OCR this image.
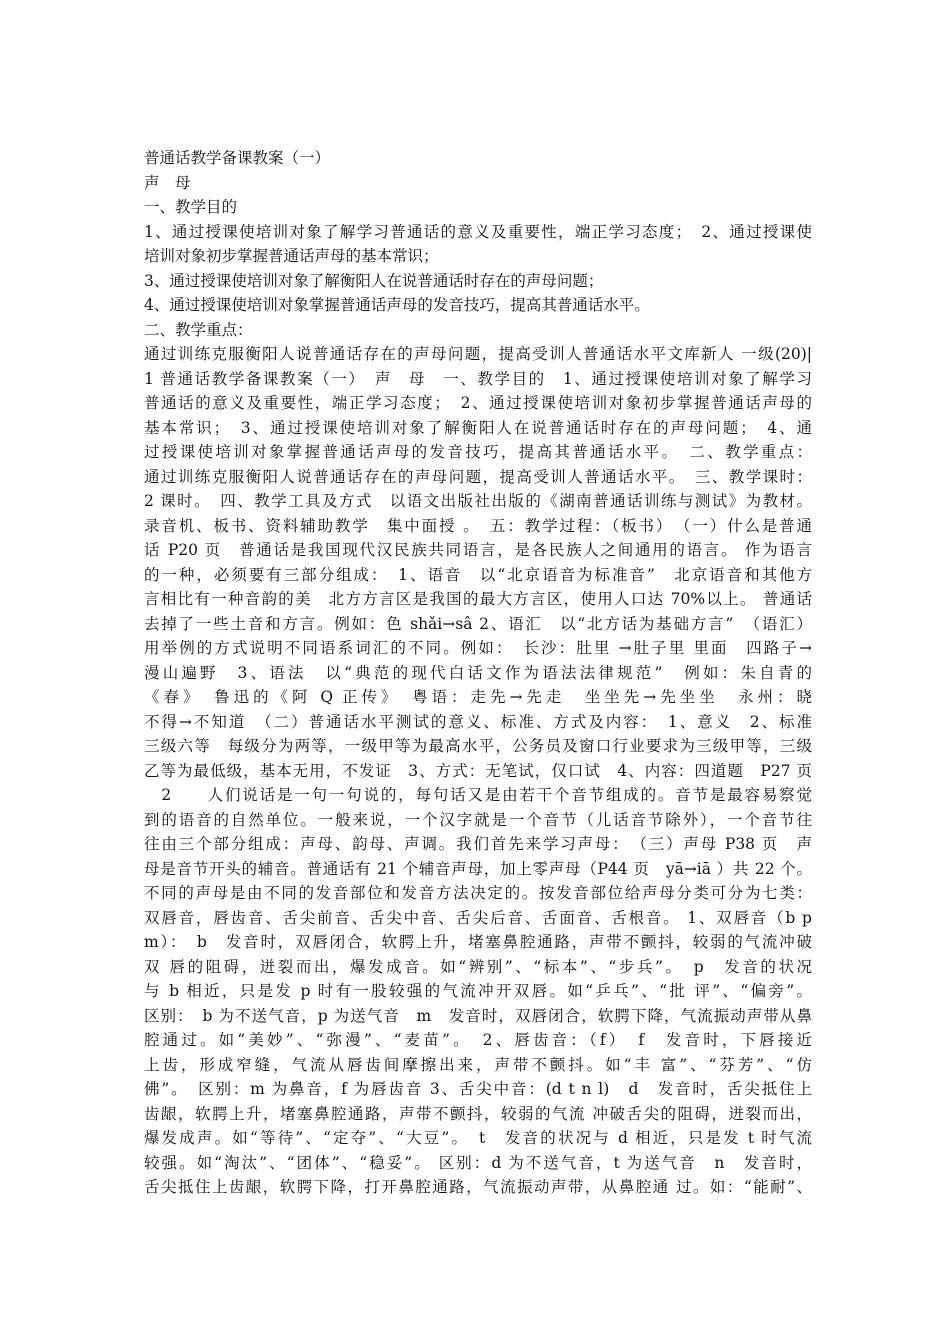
普通话教学备课教案（一）
声　母
一、教学目的
1、通过授课使培训对象了解学习普通话的意义及重要性，端正学习态度；　2、通过授课使
培训对象初步掌握普通话声母的基本常识；
3、通过授课使培训对象了解衡阳人在说普通话时存在的声母问题；
4、通过授课使培训对象掌握普通话声母的发音技巧，提高其普通话水平。
二、教学重点：
通过训练克服衡阳人说普通话存在的声母问题，提高受训人普通话水平文库新人 一级(20)|
1 普通话教学备课教案（一）　声　母　一、教学目的　1、通过授课使培训对象了解学习
普通话的意义及重要性，端正学习态度；　2、通过授课使培训对象初步掌握普通话声母的
基本常识；　3、通过授课使培训对象了解衡阳人在说普通话时存在的声母问题；　4、通
过授课使培训对象掌握普通话声母的发音技巧，提高其普通话水平。　二、教学重点：
通过训练克服衡阳人说普通话存在的声母问题，提高受训人普通话水平。　三、教学课时：
2 课时。　四、教学工具及方式　以语文出版社出版的《湖南普通话训练与测试》为教材。
录音机、板书、资料辅助教学　集中面授 。　五：教学过程：（板书）　（一）什么是普通
话 P20 页　普通话是我国现代汉民族共同语言，是各民族人之间通用的语言。 作为语言
的一种，必须要有三部分组成：　1、语音　以“北京语音为标准音”　北京语音和其他方
言相比有一种音韵的美　北方方言区是我国的最大方言区，使用人口达 70%以上。 普通话
去掉了一些土音和方言。例如：色 shǎi→sâ 2、语汇　以“北方话为基础方言”　（语汇）
用举例的方式说明不同语系词汇的不同。例如：　长沙：肚里 →肚子里 里面　四路子→
漫山遍野　3、语法　以“典范的现代白话文作为语法法律规范”　例如：朱自青的
《春》　鲁迅的《阿 Q 正传》　粤语：走先→先走　坐坐先→先坐坐　永州：晓
不得→不知道　（二）普通话水平测试的意义、标准、方式及内容：　1、意义　2、标准
三级六等　每级分为两等，一级甲等为最高水平，公务员及窗口行业要求为三级甲等，三级
乙等为最低级，基本无用，不发证　3、方式：无笔试，仅口试　4、内容：四道题　P27 页
　2　　人们说话是一句一句说的，每句话又是由若干个音节组成的。音节是最容易察觉
到的语音的自然单位。一般来说，一个汉字就是一个音节（儿话音节除外），一个音节往
往由三个部分组成：声母、韵母、声调。我们首先来学习声母：　（三）声母 P38 页　声
母是音节开头的辅音。普通话有 21 个辅音声母，加上零声母（P44 页　yā→iā ）共 22 个。
不同的声母是由不同的发音部位和发音方法决定的。按发音部位给声母分类可分为七类：
双唇音，唇齿音、舌尖前音、舌尖中音、舌尖后音、舌面音、舌根音。 1、双唇音（b p
m）：　b　发音时，双唇闭合，软腭上升，堵塞鼻腔通路，声带不颤抖，较弱的气流冲破
双 唇的阻碍，迸裂而出，爆发成音。如“辨别”、“标本”、“步兵”。　p　发音的状况
与 b 相近，只是发 p 时有一股较强的气流冲开双唇。如“乒乓”、“批 评”、“偏旁”。
区别：　b 为不送气音，p 为送气音　m　发音时，双唇闭合，软腭下降，气流振动声带从鼻
腔通过。如“美妙”、“弥漫”、“麦苗”。　2、唇齿音：（f）　f　发音时，下唇接近
上齿，形成窄缝，气流从唇齿间摩擦出来，声带不颤抖。如“丰 富”、“芬芳”、“仿
佛”。　区别：m 为鼻音，f 为唇齿音 3、舌尖中音：(d t n l)　d　发音时，舌尖抵住上
齿龈，软腭上升，堵塞鼻腔通路，声带不颤抖，较弱的气流 冲破舌尖的阻碍，迸裂而出，
爆发成声。如“等待”、“定夺”、“大豆”。　t　发音的状况与 d 相近，只是发 t 时气流
较强。如“淘汰”、“团体”、“稳妥”。 区别：d 为不送气音，t 为送气音　n　发音时，
舌尖抵住上齿龈，软腭下降，打开鼻腔通路，气流振动声带，从鼻腔通 过。如：“能耐”、
